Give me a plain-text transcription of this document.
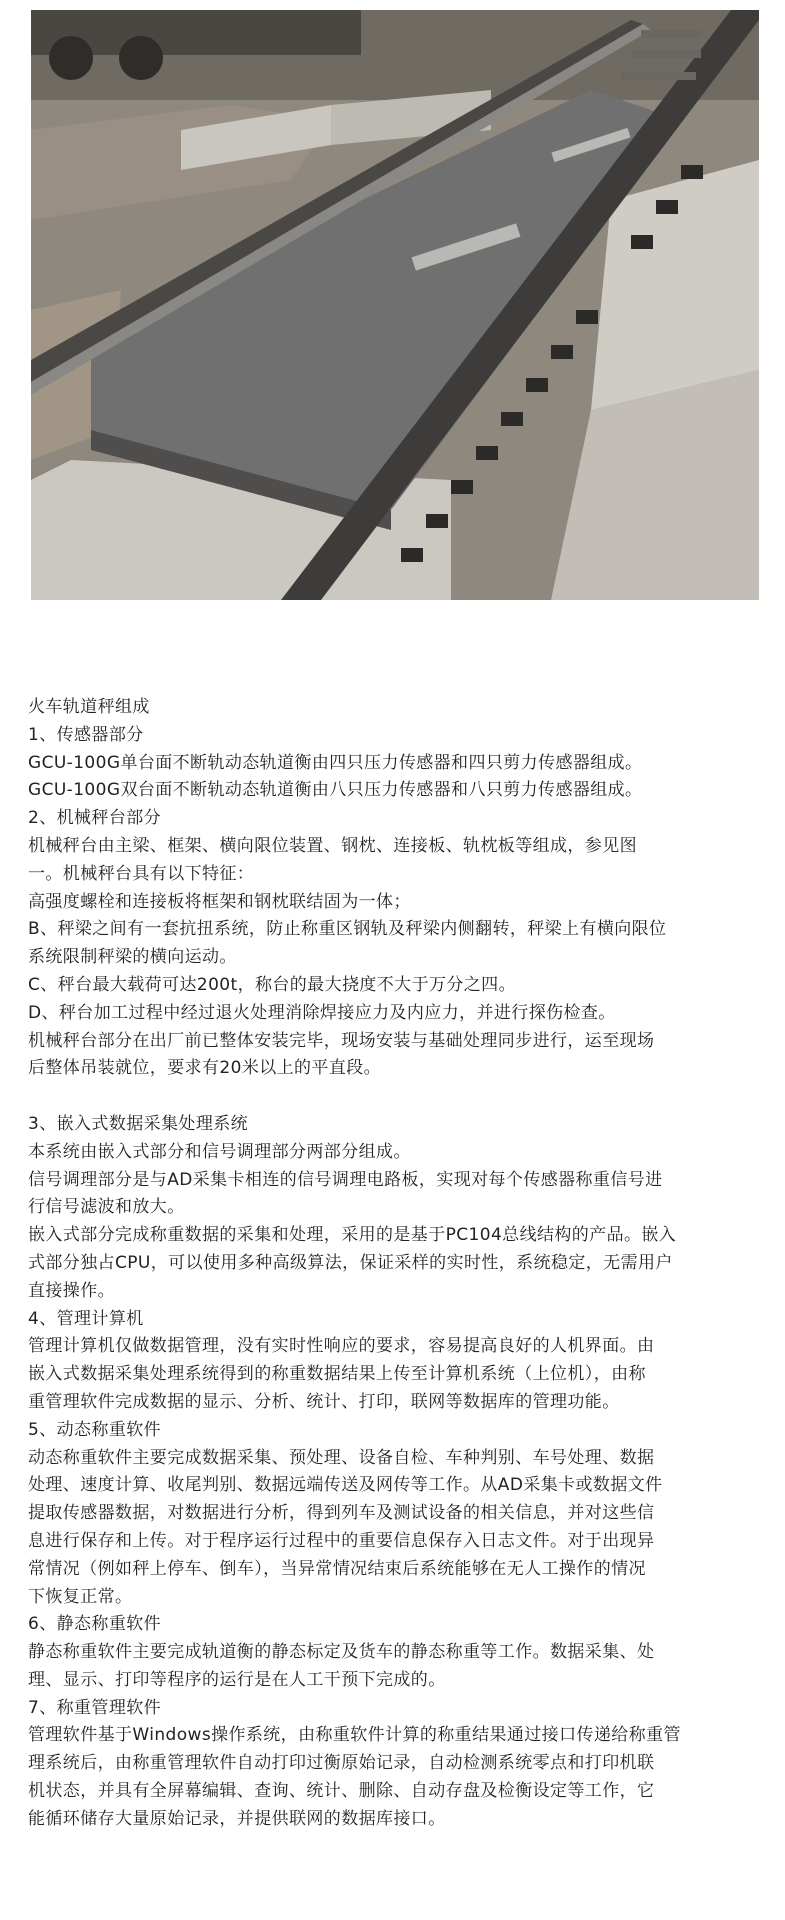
火车轨道秤组成
1、传感器部分
GCU-100G单台面不断轨动态轨道衡由四只压力传感器和四只剪力传感器组成。
GCU-100G双台面不断轨动态轨道衡由八只压力传感器和八只剪力传感器组成。
2、机械秤台部分
机械秤台由主梁、框架、横向限位装置、钢枕、连接板、轨枕板等组成，参见图
一。机械秤台具有以下特征：
高强度螺栓和连接板将框架和钢枕联结固为一体；
B、秤梁之间有一套抗扭系统，防止称重区钢轨及秤梁内侧翻转，秤梁上有横向限位
系统限制秤梁的横向运动。
C、秤台最大载荷可达200t，称台的最大挠度不大于万分之四。
D、秤台加工过程中经过退火处理消除焊接应力及内应力，并进行探伤检查。
机械秤台部分在出厂前已整体安装完毕，现场安装与基础处理同步进行，运至现场
后整体吊装就位，要求有20米以上的平直段。
3、嵌入式数据采集处理系统
本系统由嵌入式部分和信号调理部分两部分组成。
信号调理部分是与AD采集卡相连的信号调理电路板，实现对每个传感器称重信号进
行信号滤波和放大。
嵌入式部分完成称重数据的采集和处理，采用的是基于PC104总线结构的产品。嵌入
式部分独占CPU，可以使用多种高级算法，保证采样的实时性，系统稳定，无需用户
直接操作。
4、管理计算机
管理计算机仅做数据管理，没有实时性响应的要求，容易提高良好的人机界面。由
嵌入式数据采集处理系统得到的称重数据结果上传至计算机系统（上位机），由称
重管理软件完成数据的显示、分析、统计、打印，联网等数据库的管理功能。
5、动态称重软件
动态称重软件主要完成数据采集、预处理、设备自检、车种判别、车号处理、数据
处理、速度计算、收尾判别、数据远端传送及网传等工作。从AD采集卡或数据文件
提取传感器数据，对数据进行分析，得到列车及测试设备的相关信息，并对这些信
息进行保存和上传。对于程序运行过程中的重要信息保存入日志文件。对于出现异
常情况（例如秤上停车、倒车），当异常情况结束后系统能够在无人工操作的情况
下恢复正常。
6、静态称重软件
静态称重软件主要完成轨道衡的静态标定及货车的静态称重等工作。数据采集、处
理、显示、打印等程序的运行是在人工干预下完成的。
7、称重管理软件
管理软件基于Windows操作系统，由称重软件计算的称重结果通过接口传递给称重管
理系统后，由称重管理软件自动打印过衡原始记录，自动检测系统零点和打印机联
机状态，并具有全屏幕编辑、查询、统计、删除、自动存盘及检衡设定等工作，它
能循环储存大量原始记录，并提供联网的数据库接口。
